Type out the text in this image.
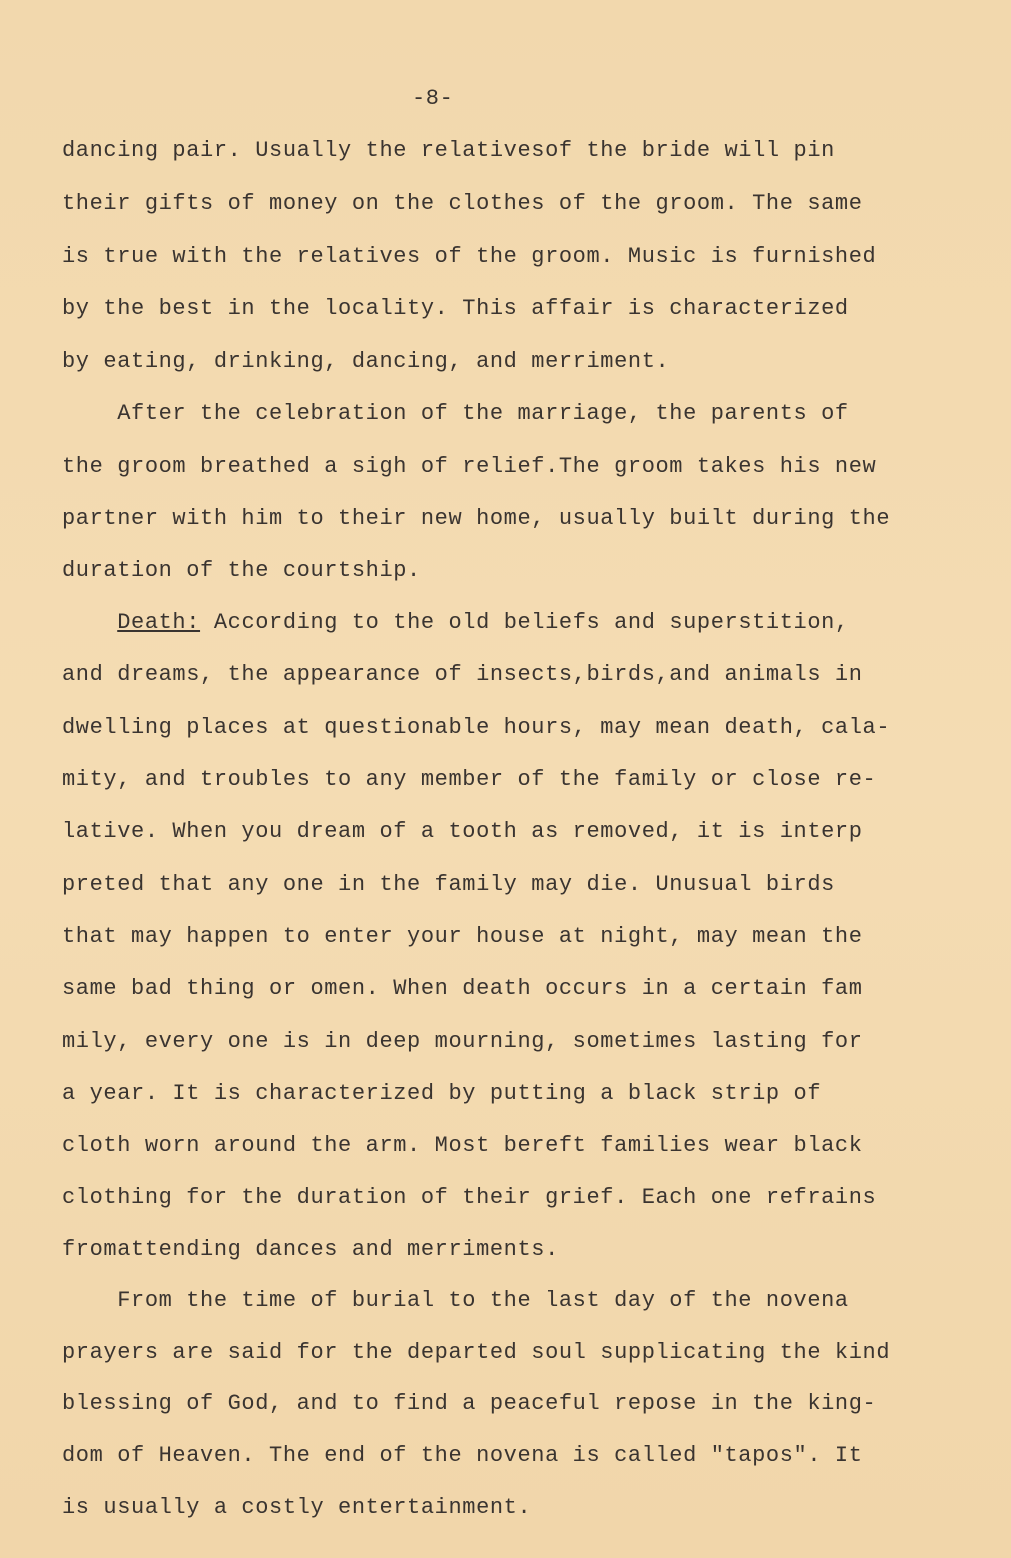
-8-
dancing pair. Usually the relativesof the bride will pin
their gifts of money on the clothes of the groom. The same
is true with the relatives of the groom. Music is furnished
by the best in the locality. This affair is characterized
by eating, drinking, dancing, and merriment.
After the celebration of the marriage, the parents of
the groom breathed a sigh of relief.The groom takes his new
partner with him to their new home, usually built during the
duration of the courtship.
Death: According to the old beliefs and superstition,
and dreams, the appearance of insects,birds,and animals in
dwelling places at questionable hours, may mean death, cala-
mity, and troubles to any member of the family or close re-
lative. When you dream of a tooth as removed, it is interp
preted that any one in the family may die. Unusual birds
that may happen to enter your house at night, may mean the
same bad thing or omen. When death occurs in a certain fam
mily, every one is in deep mourning, sometimes lasting for
a year. It is characterized by putting a black strip of
cloth worn around the arm. Most bereft families wear black
clothing for the duration of their grief. Each one refrains
fromattending dances and merriments.
From the time of burial to the last day of the novena
prayers are said for the departed soul supplicating the kind
blessing of God, and to find a peaceful repose in the king-
dom of Heaven. The end of the novena is called "tapos". It
is usually a costly entertainment.
